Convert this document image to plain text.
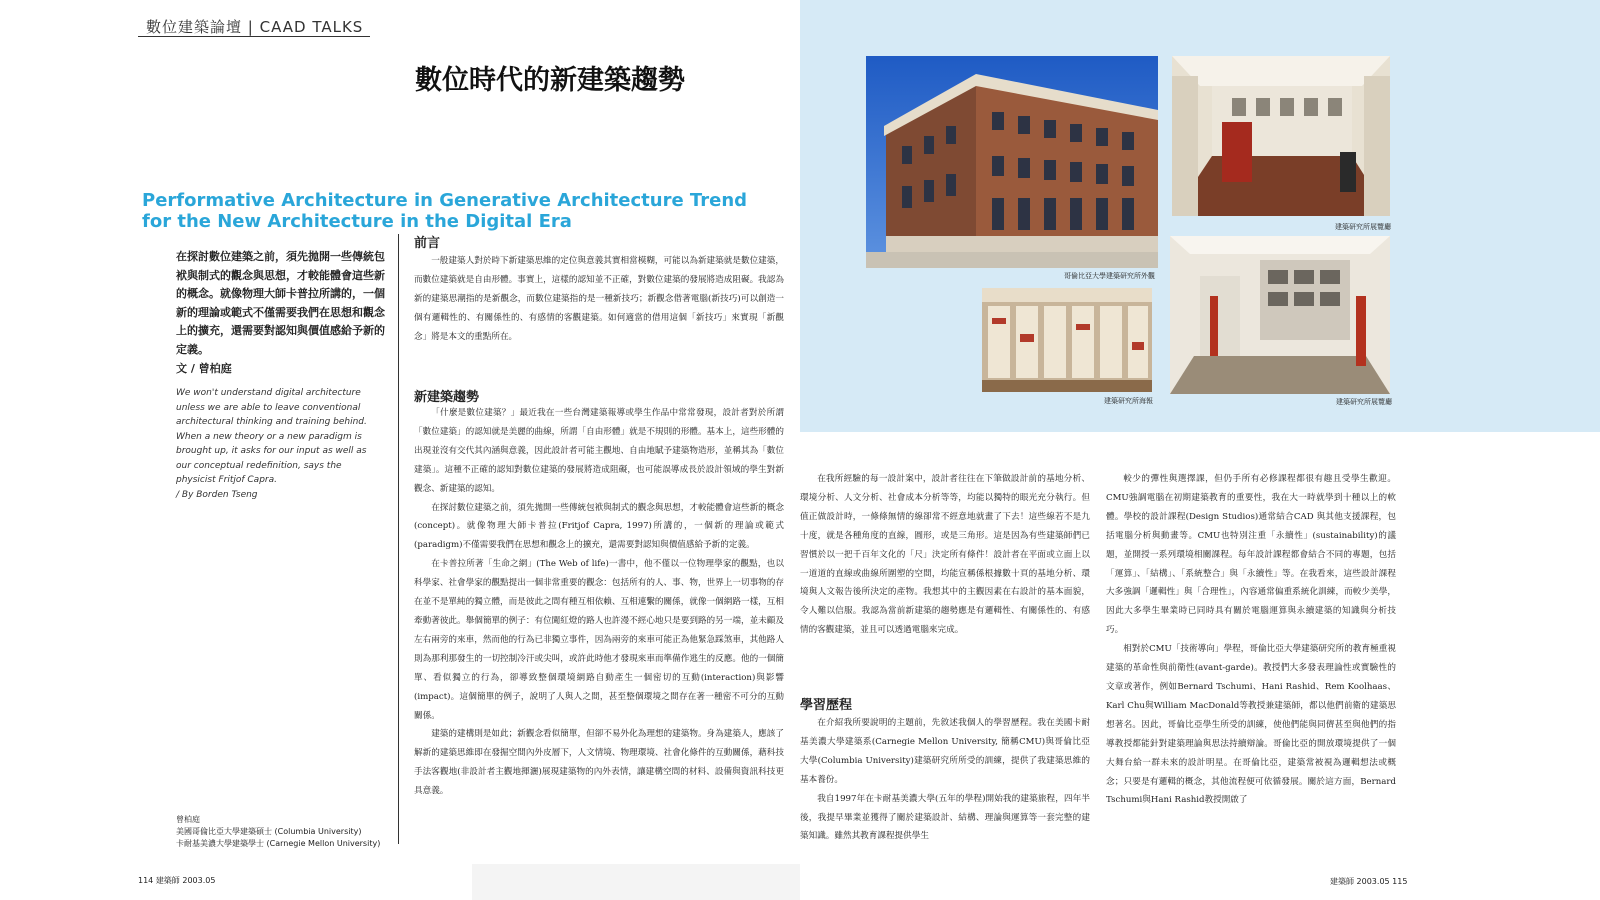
數位建築論壇 | CAAD TALKS
數位時代的新建築趨勢
Performative Architecture in Generative Architecture Trend
for the New Architecture in the Digital Era
在探討數位建築之前，須先拋開一些傳統包袱與制式的觀念與思想，才較能體會這些新的概念。就像物理大師卡普拉所講的，一個新的理論或範式不僅需要我們在思想和觀念上的擴充，還需要對認知與價值感給予新的定義。
文 / 曾柏庭
We won't understand digital architecture unless we are able to leave conventional architectural thinking and training behind. When a new theory or a new paradigm is brought up, it asks for our input as well as our conceptual redefinition, says the physicist Fritjof Capra.
/ By Borden Tseng
曾柏庭
美國哥倫比亞大學建築碩士 (Columbia University)
卡耐基美濃大學建築學士 (Carnegie Mellon University)
114 建築師 2003.05
前言

一般建築人對於時下新建築思維的定位與意義其實相當模糊，可能以為新建築就是數位建築，而數位建築就是自由形體。事實上，這樣的認知並不正確，對數位建築的發展將造成阻礙。我認為新的建築思潮指的是新觀念，而數位建築指的是一種新技巧；新觀念借著電腦(新技巧)可以創造一個有邏輯性的、有關係性的、有感情的客觀建築。如何適當的借用這個「新技巧」來實現「新觀念」將是本文的重點所在。

新建築趨勢

「什麼是數位建築？」最近我在一些台灣建築報導或學生作品中常常發現，設計者對於所謂「數位建築」的認知就是美麗的曲線，所謂「自由形體」就是不規則的形體。基本上，這些形體的出現並沒有交代其內涵與意義，因此設計者可能主觀地、自由地賦予建築物造形，並稱其為「數位建築」。這種不正確的認知對數位建築的發展將造成阻礙，也可能誤導成長於設計領域的學生對新觀念、新建築的認知。

在探討數位建築之前，須先拋開一些傳統包袱與制式的觀念與思想，才較能體會這些新的概念(concept)。就像物理大師卡普拉(Fritjof Capra, 1997)所講的，一個新的理論或範式 (paradigm)不僅需要我們在思想和觀念上的擴充，還需要對認知與價值感給予新的定義。

在卡普拉所著「生命之網」(The Web of life)一書中，他不僅以一位物理學家的觀點，也以科學家、社會學家的觀點提出一個非常重要的觀念：包括所有的人、事、物，世界上一切事物的存在並不是單純的獨立體，而是彼此之間有種互相依賴、互相連繫的關係，就像一個網路一樣，互相牽動著彼此。舉個簡單的例子：有位闖紅燈的路人也許漫不經心地只是要到路的另一端，並未顧及左右兩旁的來車，然而他的行為已非獨立事件，因為兩旁的來車可能正為他緊急踩煞車，其他路人則為那利那發生的一切控制冷汗或尖叫，或許此時他才發現來車而準備作逃生的反應。他的一個簡單、看似獨立的行為，卻導致整個環境網路自動產生一個密切的互動(interaction)與影響(impact)。這個簡單的例子，說明了人與人之間，甚至整個環境之間存在著一種密不可分的互動關係。

建築的建構則是如此；新觀念看似簡單，但卻不易外化為理想的建築物。身為建築人，應該了解新的建築思維即在發掘空間內外皮層下，人文情境、物理環境、社會化條件的互動關係，藉科技手法客觀地(非設計者主觀地揮灑)展現建築物的內外表情，讓建構空間的材料、設備與資訊科技更具意義。

哥倫比亞大學建築研究所外觀
建築研究所展覽廳
建築研究所海報	建築研究所展覽廳

在我所經驗的每一設計案中，設計者往往在下筆做設計前的基地分析、環境分析、人文分析、社會成本分析等等，均能以獨特的眼光充分執行。但值正做設計時，一條條無情的線卻常不經意地就畫了下去！這些線若不是九十度，就是各種角度的直線，圓形，或是三角形。這是因為有些建築師們已習慣於以一把千百年文化的「尺」決定所有條件！設計者在平面或立面上以一道道的直線或曲線所圍塑的空間，均能宣稱係根據數十頁的基地分析、環境與人文報告後所決定的產物。我想其中的主觀因素在右設計的基本面貌，令人難以信服。我認為當前新建築的趨勢應是有邏輯性、有關係性的、有感情的客觀建築，並且可以透過電腦來完成。

學習歷程

在介紹我所要說明的主題前，先敘述我個人的學習歷程。我在美國卡耐基美濃大學建築系(Carnegie Mellon University, 簡稱CMU)與哥倫比亞大學(Columbia University)建築研究所所受的訓練，提供了我建築思維的基本養份。

我自1997年在卡耐基美濃大學(五年的學程)開始我的建築旅程，四年半後，我提早畢業並獲得了關於建築設計、結構、理論與運算等一套完整的建築知識。雖然其教育課程提供學生

較少的彈性與選擇課，但仍手所有必修課程都很有趣且受學生歡迎。CMU強調電腦在初期建築教育的重要性，我在大一時就學到十種以上的軟體。學校的設計課程(Design Studios)通常結合CAD 與其他支援課程，包括電腦分析與動畫等。CMU也特別注重「永續性」(sustainability)的議題，並開授一系列環境相關課程。每年設計課程都會結合不同的專題，包括「運算」、「結構」、「系統整合」與「永續性」等。在我看來，這些設計課程大多強調「邏輯性」與「合理性」，內容通常偏重系統化訓練，而較少美學，因此大多學生畢業時已同時具有關於電腦運算與永續建築的知識與分析技巧。

相對於CMU「技術導向」學程，哥倫比亞大學建築研究所的教育極重視建築的革命性與前衛性(avant-garde)。教授們大多發表理論性或實驗性的文章或著作，例如Bernard Tschumi、Hani Rashid、Rem Koolhaas、Karl Chu與William MacDonald等教授兼建築師，都以他們前衛的建築思想著名。因此，哥倫比亞學生所受的訓練，使他們能與同儕甚至與他們的指導教授都能針對建築理論與思法持續辯論。哥倫比亞的開放環境提供了一個大舞台給一群未來的設計明星。在哥倫比亞，建築常被視為邏輯想法或概念；只要是有邏輯的概念，其他流程便可依循發展。關於這方面，Bernard Tschumi與Hani Rashid教授開啟了

建築師 2003.05 115
